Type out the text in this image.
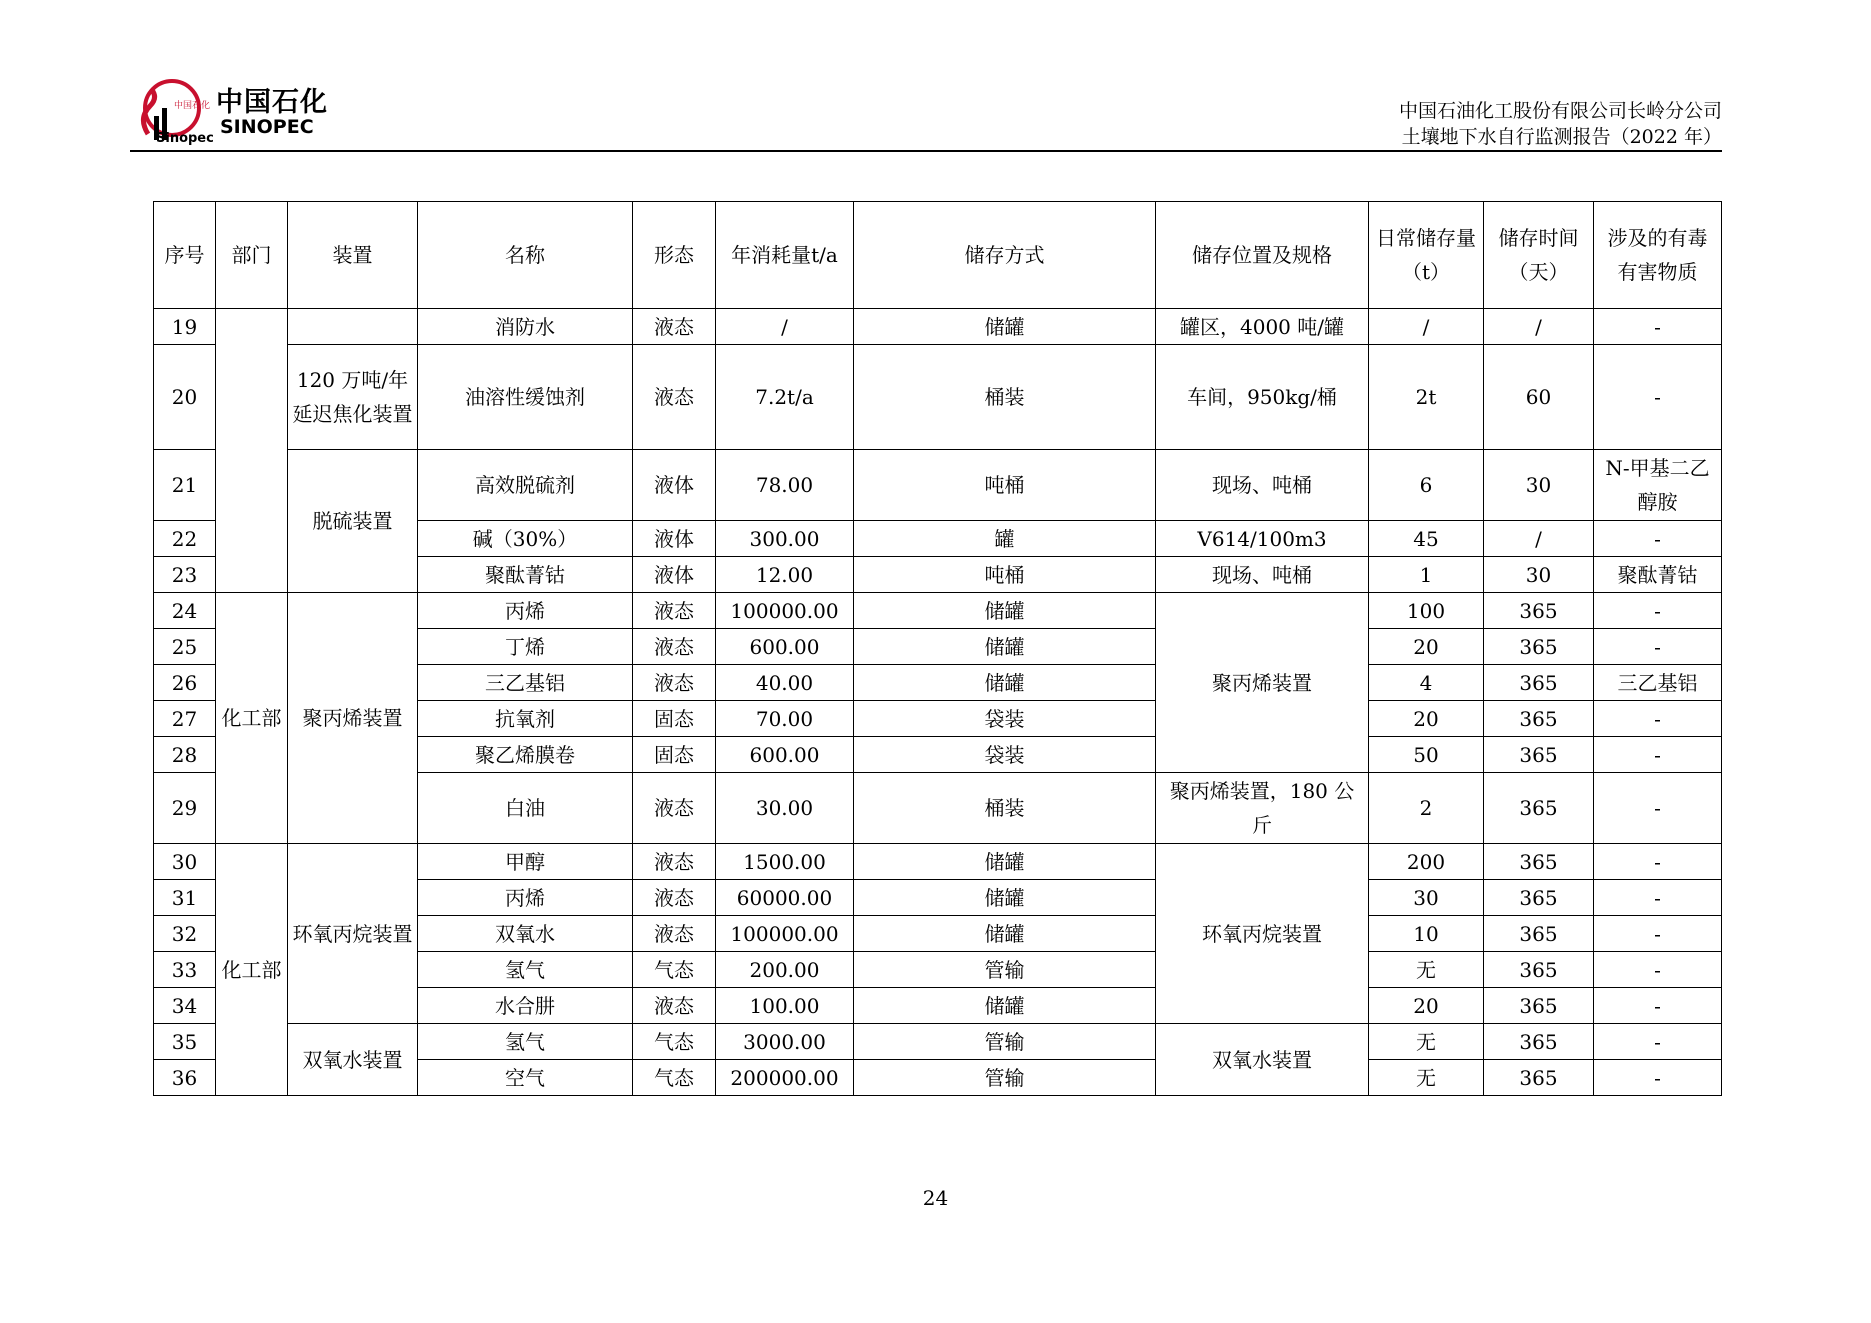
中国石化
Sinopec
中国石化
SINOPEC
中国石油化工股份有限公司长岭分公司
土壤地下水自行监测报告（2022 年）
序号	部门	装置	名称	形态	年消耗量t/a	储存方式	储存位置及规格	日常储存量（t）	储存时间（天）	涉及的有毒有害物质
19			消防水	液态	/	储罐	罐区，4000 吨/罐	/	/	-
20		120 万吨/年延迟焦化装置	油溶性缓蚀剂	液态	7.2t/a	桶装	车间，950kg/桶	2t	60	-
21		脱硫装置	高效脱硫剂	液体	78.00	吨桶	现场、吨桶	6	30	N-甲基二乙醇胺
22			碱（30%）	液体	300.00	罐	V614/100m3	45	/	-
23			聚酞菁钴	液体	12.00	吨桶	现场、吨桶	1	30	聚酞菁钴
24	化工部	聚丙烯装置	丙烯	液态	100000.00	储罐	聚丙烯装置	100	365	-
25			丁烯	液态	600.00	储罐		20	365	-
26			三乙基铝	液态	40.00	储罐		4	365	三乙基铝
27			抗氧剂	固态	70.00	袋装		20	365	-
28			聚乙烯膜卷	固态	600.00	袋装		50	365	-
29			白油	液态	30.00	桶装	聚丙烯装置，180 公斤	2	365	-
30	化工部	环氧丙烷装置	甲醇	液态	1500.00	储罐	环氧丙烷装置	200	365	-
31			丙烯	液态	60000.00	储罐		30	365	-
32			双氧水	液态	100000.00	储罐		10	365	-
33			氢气	气态	200.00	管输		无	365	-
34			水合肼	液态	100.00	储罐		20	365	-
35		双氧水装置	氢气	气态	3000.00	管输	双氧水装置	无	365	-
36			空气	气态	200000.00	管输		无	365	-
24
